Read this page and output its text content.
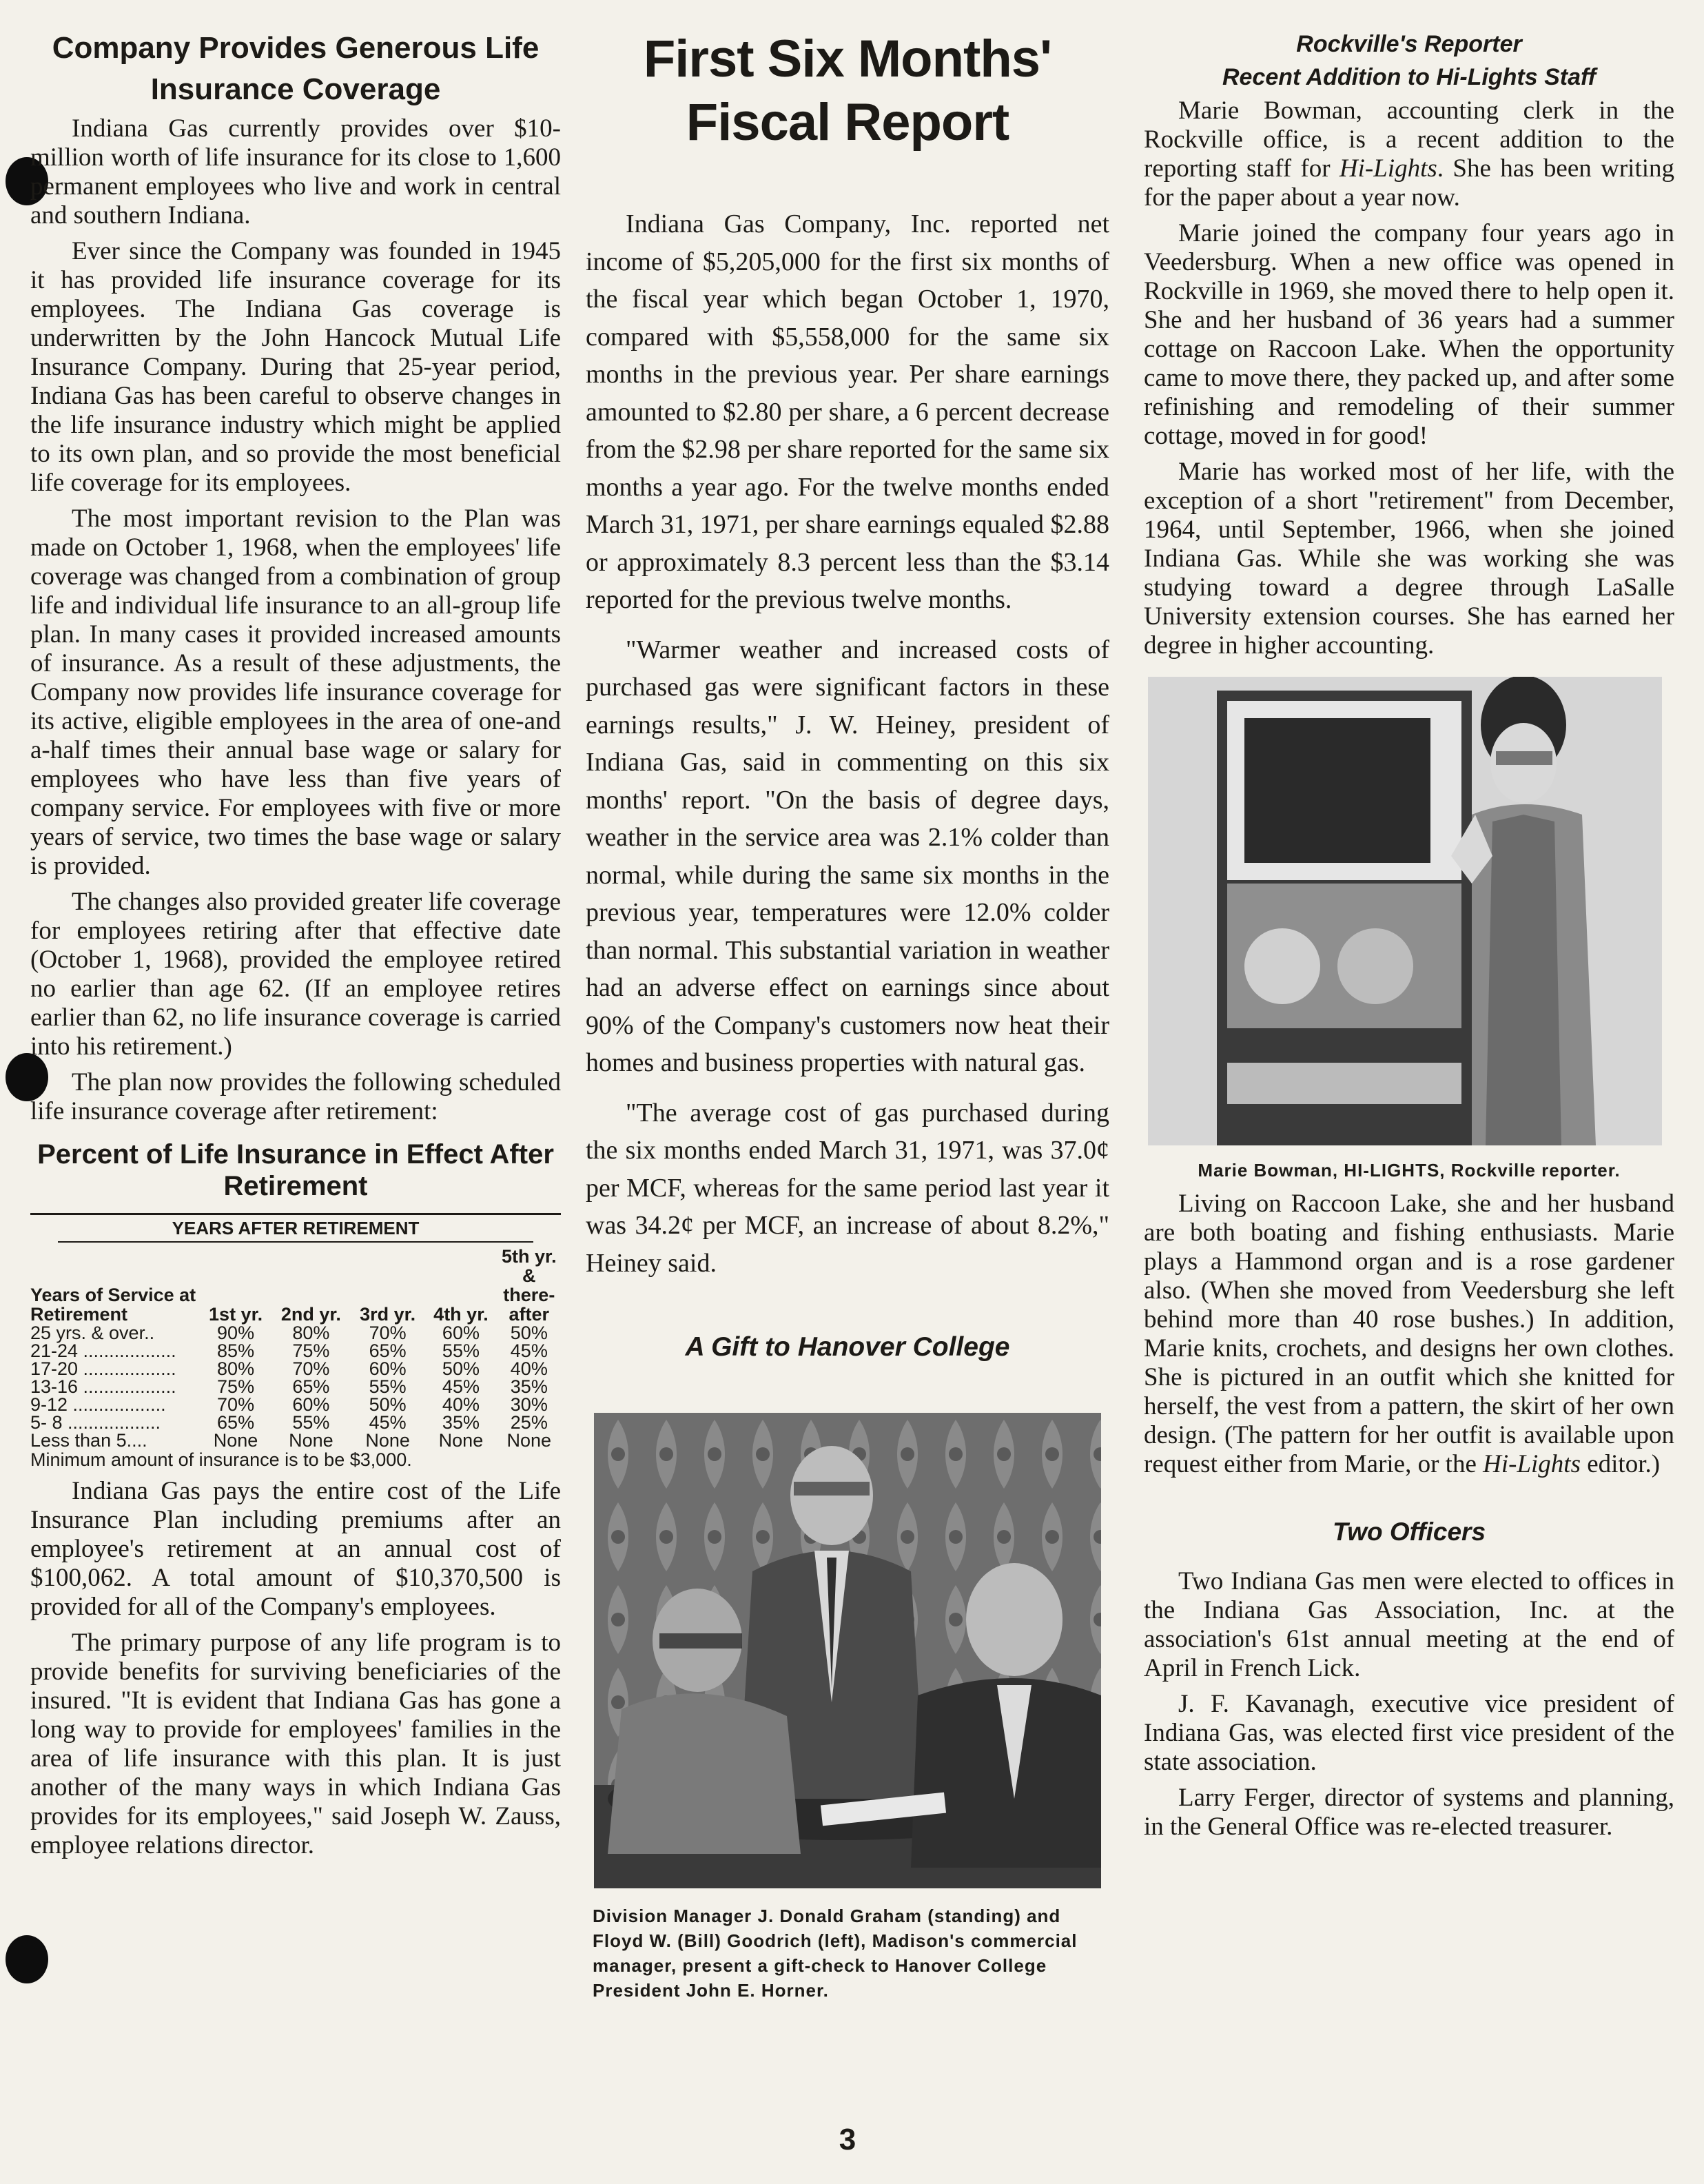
Company Provides Generous Life Insurance Coverage

Indiana Gas currently provides over $10-million worth of life insurance for its close to 1,600 permanent employees who live and work in central and southern Indiana.

Ever since the Company was founded in 1945 it has provided life insurance coverage for its employees. The Indiana Gas coverage is underwritten by the John Hancock Mutual Life Insurance Company. During that 25-year period, Indiana Gas has been careful to observe changes in the life insurance industry which might be applied to its own plan, and so provide the most beneficial life coverage for its employees.

The most important revision to the Plan was made on October 1, 1968, when the employees' life coverage was changed from a combination of group life and individual life insurance to an all-group life plan. In many cases it provided increased amounts of insurance. As a result of these adjustments, the Company now provides life insurance coverage for its active, eligible employees in the area of one-and a-half times their annual base wage or salary for employees who have less than five years of company service. For employees with five or more years of service, two times the base wage or salary is provided.

The changes also provided greater life coverage for employees retiring after that effective date (October 1, 1968), provided the employee retired no earlier than age 62. (If an employee retires earlier than 62, no life insurance coverage is carried into his retirement.)

The plan now provides the following scheduled life insurance coverage after retirement:

Percent of Life Insurance in Effect After Retirement
YEARS AFTER RETIREMENT
Years of Service at Retirement	1st yr.	2nd yr.	3rd yr.	4th yr.	5th yr. & there-after
25 yrs. & over..	90%	80%	70%	60%	50%
21-24 ..................	85%	75%	65%	55%	45%
17-20 ..................	80%	70%	60%	50%	40%
13-16 ..................	75%	65%	55%	45%	35%
9-12 ..................	70%	60%	50%	40%	30%
5- 8 ..................	65%	55%	45%	35%	25%
Less than 5....	None	None	None	None	None
Minimum amount of insurance is to be $3,000.

Indiana Gas pays the entire cost of the Life Insurance Plan including premiums after an employee's retirement at an annual cost of $100,062. A total amount of $10,370,500 is provided for all of the Company's employees.

The primary purpose of any life program is to provide benefits for surviving beneficiaries of the insured. "It is evident that Indiana Gas has gone a long way to provide for employees' families in the area of life insurance with this plan. It is just another of the many ways in which Indiana Gas provides for its employees," said Joseph W. Zauss, employee relations director.

First Six Months' Fiscal Report

Indiana Gas Company, Inc. reported net income of $5,205,000 for the first six months of the fiscal year which began October 1, 1970, compared with $5,558,000 for the same six months in the previous year. Per share earnings amounted to $2.80 per share, a 6 percent decrease from the $2.98 per share reported for the same six months a year ago. For the twelve months ended March 31, 1971, per share earnings equaled $2.88 or approximately 8.3 percent less than the $3.14 reported for the previous twelve months.

"Warmer weather and increased costs of purchased gas were significant factors in these earnings results," J. W. Heiney, president of Indiana Gas, said in commenting on this six months' report. "On the basis of degree days, weather in the service area was 2.1% colder than normal, while during the same six months in the previous year, temperatures were 12.0% colder than normal. This substantial variation in weather had an adverse effect on earnings since about 90% of the Company's customers now heat their homes and business properties with natural gas.

"The average cost of gas purchased during the six months ended March 31, 1971, was 37.0¢ per MCF, whereas for the same period last year it was 34.2¢ per MCF, an increase of about 8.2%," Heiney said.

A Gift to Hanover College
Division Manager J. Donald Graham (standing) and Floyd W. (Bill) Goodrich (left), Madison's commercial manager, present a gift-check to Hanover College President John E. Horner.
Rockville's Reporter
Recent Addition to Hi-Lights Staff

Marie Bowman, accounting clerk in the Rockville office, is a recent addition to the reporting staff for Hi-Lights. She has been writing for the paper about a year now.

Marie joined the company four years ago in Veedersburg. When a new office was opened in Rockville in 1969, she moved there to help open it. She and her husband of 36 years had a summer cottage on Raccoon Lake. When the opportunity came to move there, they packed up, and after some refinishing and remodeling of their summer cottage, moved in for good!

Marie has worked most of her life, with the exception of a short "retirement" from December, 1964, until September, 1966, when she joined Indiana Gas. While she was working she was studying toward a degree through LaSalle University extension courses. She has earned her degree in higher accounting.

Marie Bowman, HI-LIGHTS, Rockville reporter.

Living on Raccoon Lake, she and her husband are both boating and fishing enthusiasts. Marie plays a Hammond organ and is a rose gardener also. (When she moved from Veedersburg she left behind more than 40 rose bushes.) In addition, Marie knits, crochets, and designs her own clothes. She is pictured in an outfit which she knitted for herself, the vest from a pattern, the skirt of her own design. (The pattern for her outfit is available upon request either from Marie, or the Hi-Lights editor.)

Two Officers

Two Indiana Gas men were elected to offices in the Indiana Gas Association, Inc. at the association's 61st annual meeting at the end of April in French Lick.

J. F. Kavanagh, executive vice president of Indiana Gas, was elected first vice president of the state association.

Larry Ferger, director of systems and planning, in the General Office was re-elected treasurer.

3
